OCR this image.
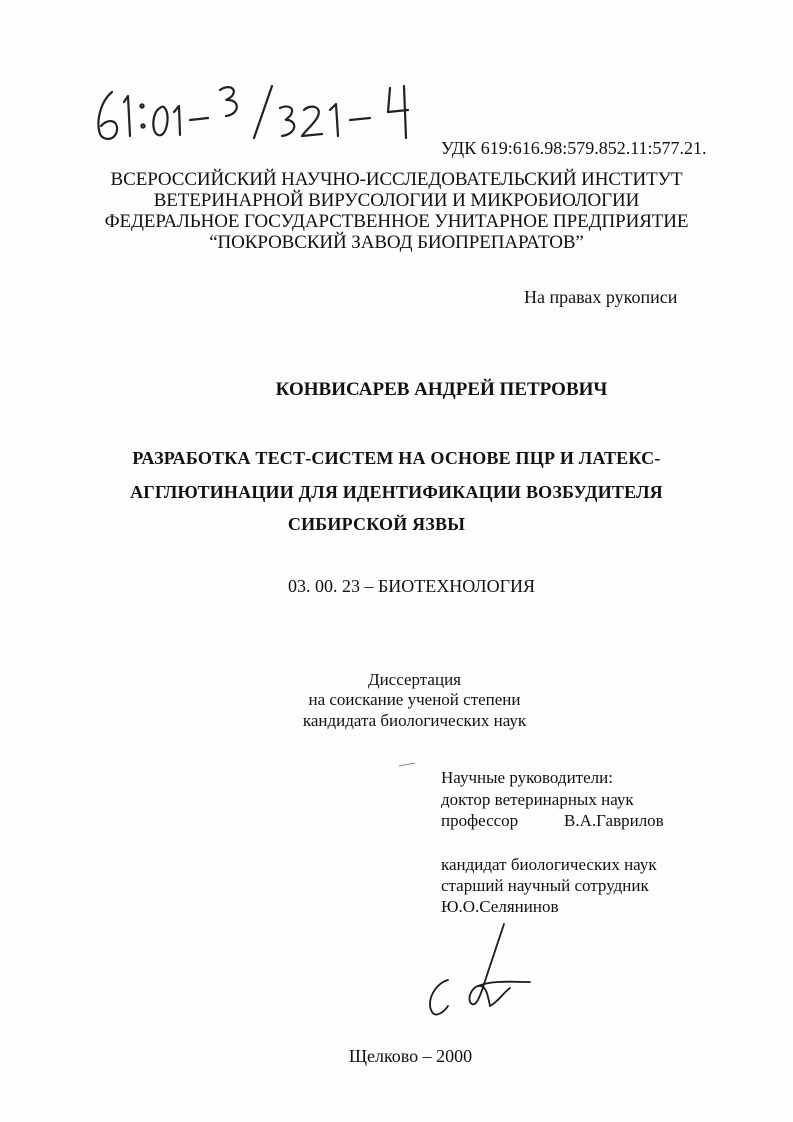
УДК 619:616.98:579.852.11:577.21.
ВСЕРОССИЙСКИЙ НАУЧНО-ИССЛЕДОВАТЕЛЬСКИЙ ИНСТИТУТ
ВЕТЕРИНАРНОЙ ВИРУСОЛОГИИ И МИКРОБИОЛОГИИ
ФЕДЕРАЛЬНОЕ ГОСУДАРСТВЕННОЕ УНИТАРНОЕ ПРЕДПРИЯТИЕ
“ПОКРОВСКИЙ ЗАВОД БИОПРЕПАРАТОВ”
На правах рукописи
КОНВИСАРЕВ АНДРЕЙ ПЕТРОВИЧ
РАЗРАБОТКА ТЕСТ-СИСТЕМ НА ОСНОВЕ ПЦР И ЛАТЕКС-
АГГЛЮТИНАЦИИ ДЛЯ ИДЕНТИФИКАЦИИ ВОЗБУДИТЕЛЯ
СИБИРСКОЙ ЯЗВЫ
03. 00. 23 – БИОТЕХНОЛОГИЯ
Диссертация
на соискание ученой степени
кандидата биологических наук
Научные руководители:
доктор ветеринарных наук
профессор	В.А.Гаврилов
кандидат биологических наук
старший научный сотрудник
Ю.О.Селянинов
Щелково – 2000
